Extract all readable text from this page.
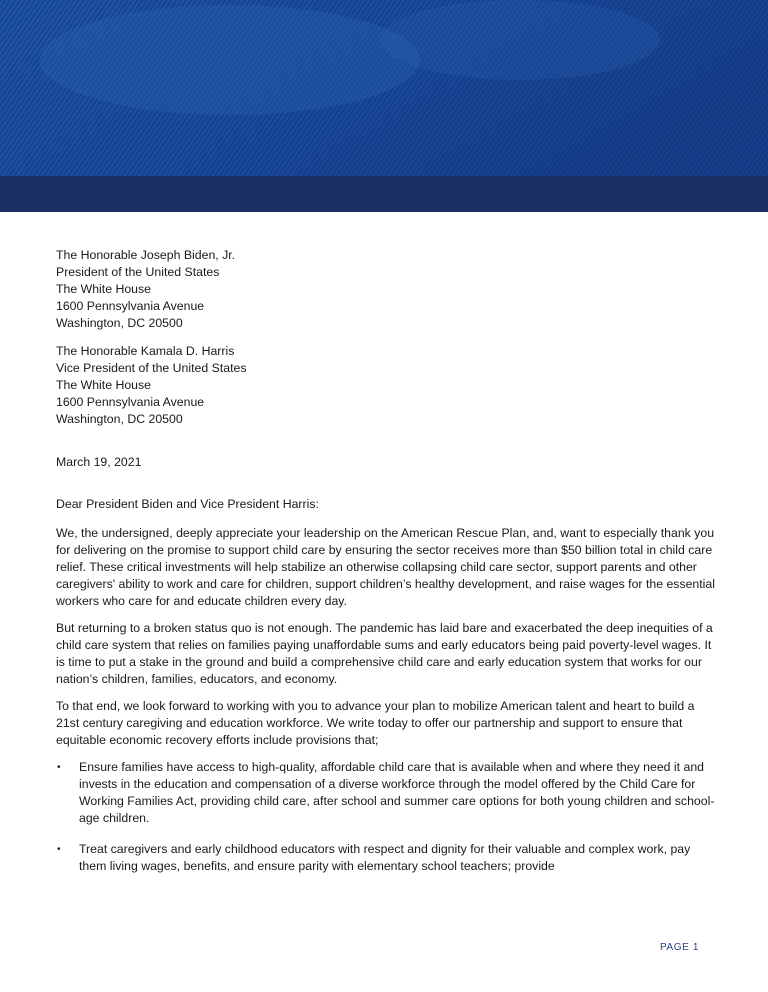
The Honorable Joseph Biden, Jr.
President of the United States
The White House
1600 Pennsylvania Avenue
Washington, DC 20500
The Honorable Kamala D. Harris
Vice President of the United States
The White House
1600 Pennsylvania Avenue
Washington, DC 20500
March 19, 2021
Dear President Biden and Vice President Harris:

We, the undersigned, deeply appreciate your leadership on the American Rescue Plan, and, want to especially thank you for delivering on the promise to support child care by ensuring the sector receives more than $50 billion total in child care relief. These critical investments will help stabilize an otherwise collapsing child care sector, support parents and other caregivers' ability to work and care for children, support children’s healthy development, and raise wages for the essential workers who care for and educate children every day.

But returning to a broken status quo is not enough. The pandemic has laid bare and exacerbated the deep inequities of a child care system that relies on families paying unaffordable sums and early educators being paid poverty-level wages. It is time to put a stake in the ground and build a comprehensive child care and early education system that works for our nation’s children, families, educators, and economy.

To that end, we look forward to working with you to advance your plan to mobilize American talent and heart to build a 21st century caregiving and education workforce. We write today to offer our partnership and support to ensure that equitable economic recovery efforts include provisions that;

• Ensure families have access to high-quality, affordable child care that is available when and where they need it and invests in the education and compensation of a diverse workforce through the model offered by the Child Care for Working Families Act, providing child care, after school and summer care options for both young children and school-age children.
• Treat caregivers and early childhood educators with respect and dignity for their valuable and complex work, pay them living wages, benefits, and ensure parity with elementary school teachers; provide
PAGE 1
